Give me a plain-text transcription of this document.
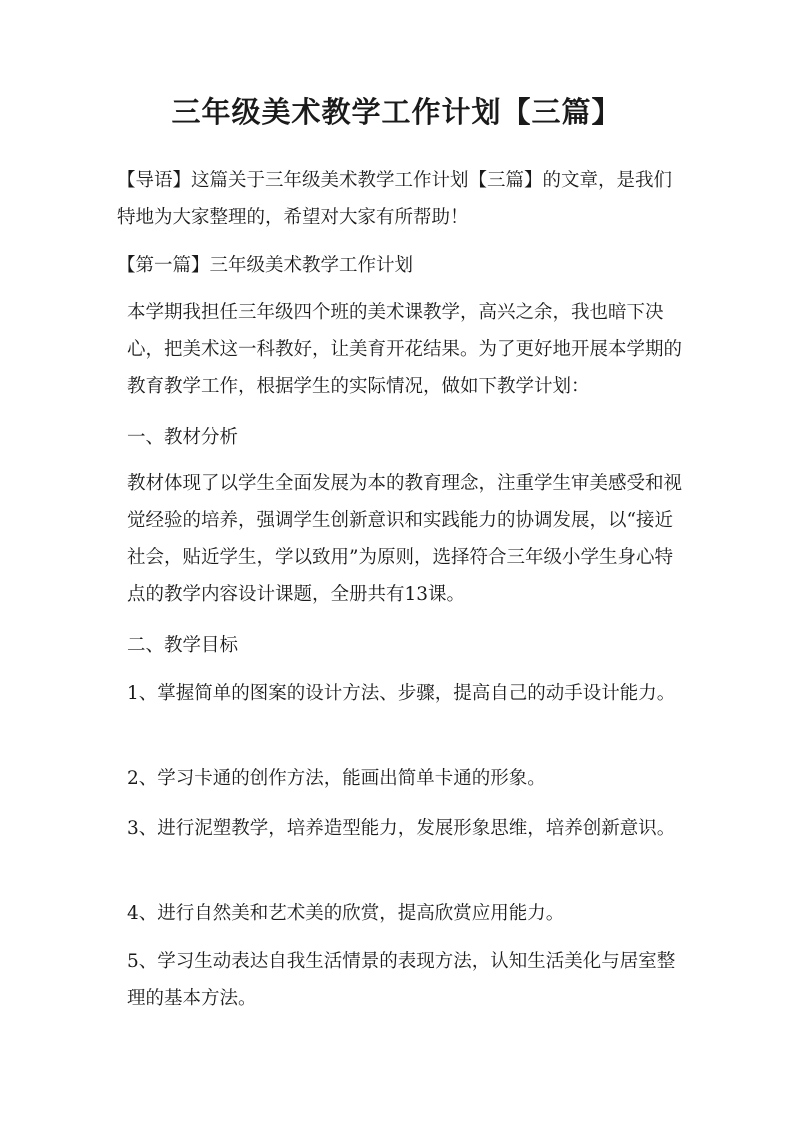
三年级美术教学工作计划【三篇】
【导语】这篇关于三年级美术教学工作计划【三篇】的文章，是我们特地为大家整理的，希望对大家有所帮助！
【第一篇】三年级美术教学工作计划
本学期我担任三年级四个班的美术课教学，高兴之余，我也暗下决心，把美术这一科教好，让美育开花结果。为了更好地开展本学期的教育教学工作，根据学生的实际情况，做如下教学计划：
一、教材分析
教材体现了以学生全面发展为本的教育理念，注重学生审美感受和视觉经验的培养，强调学生创新意识和实践能力的协调发展，以“接近社会，贴近学生，学以致用”为原则，选择符合三年级小学生身心特点的教学内容设计课题，全册共有13课。
二、教学目标
1、掌握简单的图案的设计方法、步骤，提高自己的动手设计能力。
2、学习卡通的创作方法，能画出简单卡通的形象。
3、进行泥塑教学，培养造型能力，发展形象思维，培养创新意识。
4、进行自然美和艺术美的欣赏，提高欣赏应用能力。
5、学习生动表达自我生活情景的表现方法，认知生活美化与居室整理的基本方法。
